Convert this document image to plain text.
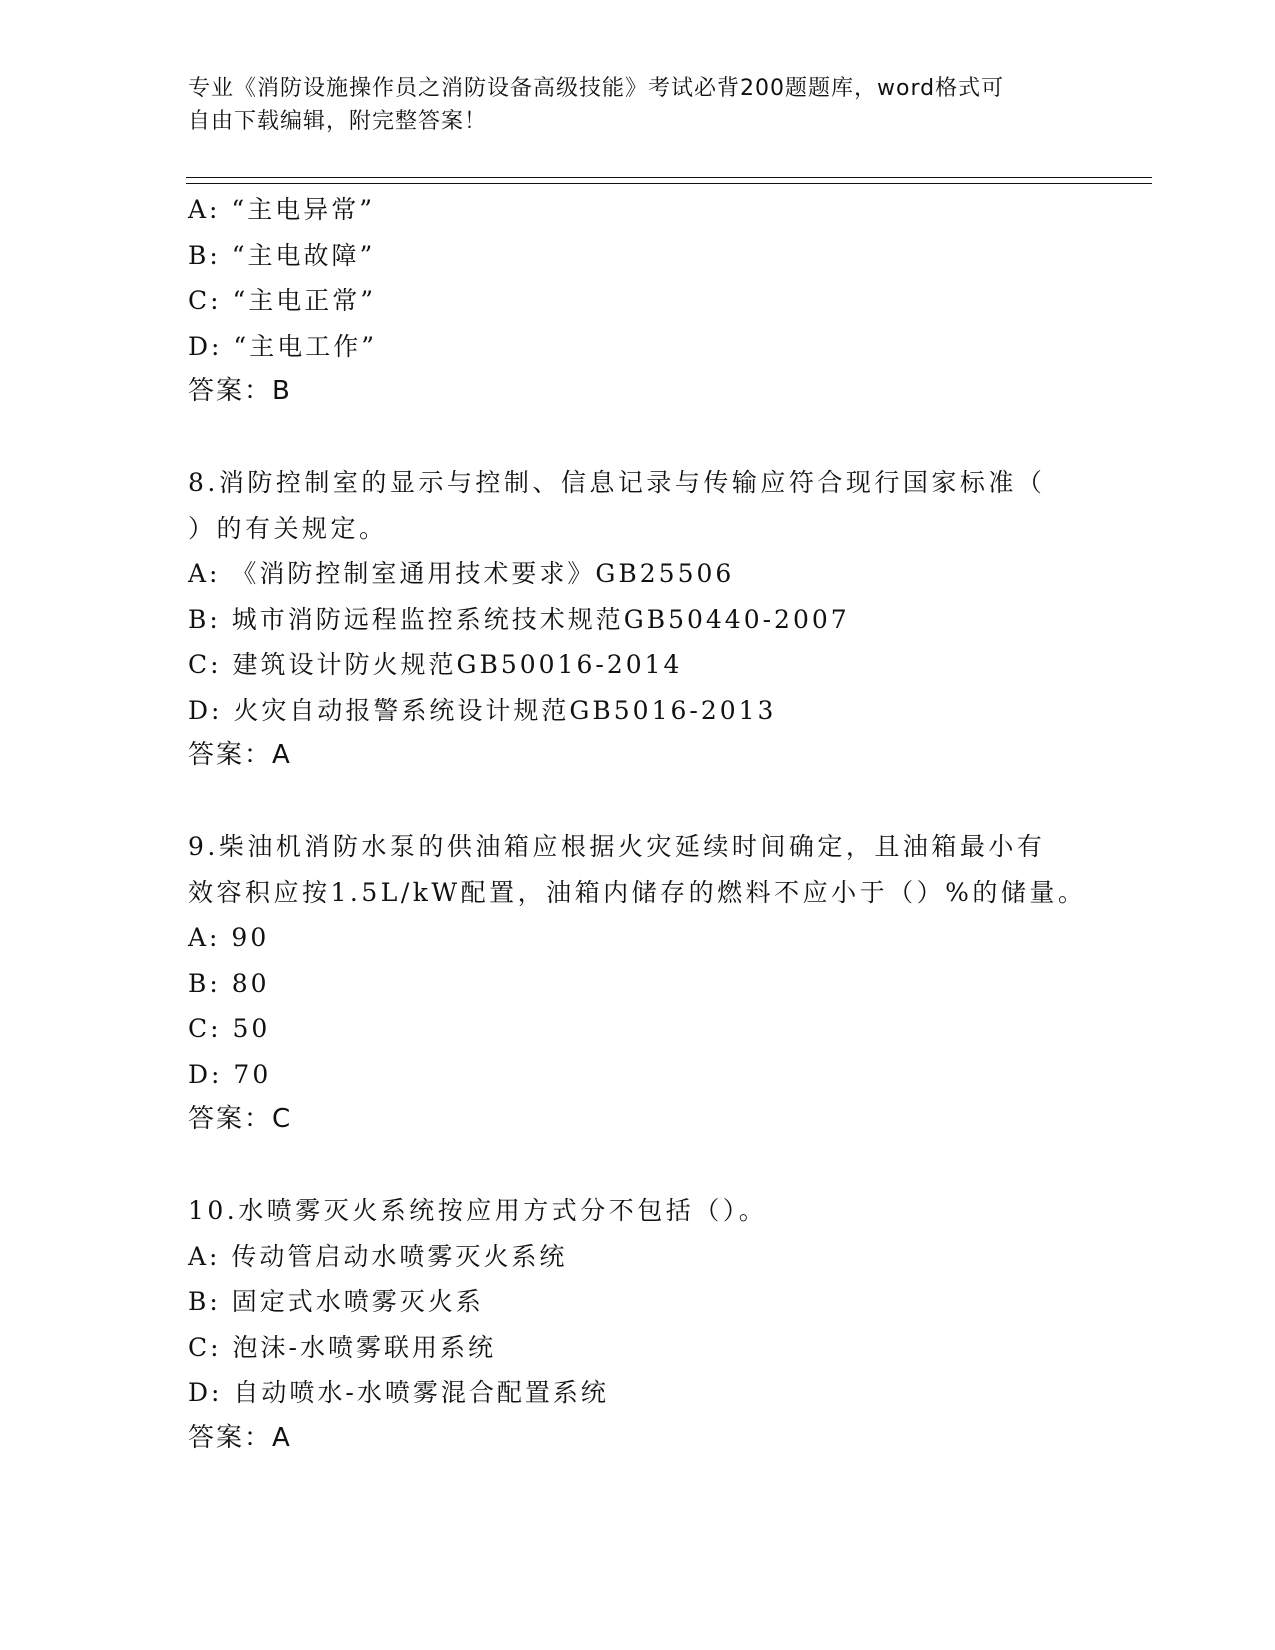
专业《消防设施操作员之消防设备高级技能》考试必背200题题库，word格式可
自由下载编辑，附完整答案！
A: “主电异常”
B: “主电故障”
C: “主电正常”
D: “主电工作”
答案：B
8.消防控制室的显示与控制、信息记录与传输应符合现行国家标准（
）的有关规定。
A: 《消防控制室通用技术要求》GB25506
B: 城市消防远程监控系统技术规范GB50440-2007
C: 建筑设计防火规范GB50016-2014
D: 火灾自动报警系统设计规范GB5016-2013
答案：A
9.柴油机消防水泵的供油箱应根据火灾延续时间确定，且油箱最小有
效容积应按1.5L/kW配置，油箱内储存的燃料不应小于（）%的储量。
A: 90
B: 80
C: 50
D: 70
答案：C
10.水喷雾灭火系统按应用方式分不包括（）。
A: 传动管启动水喷雾灭火系统
B: 固定式水喷雾灭火系
C: 泡沫-水喷雾联用系统
D: 自动喷水-水喷雾混合配置系统
答案：A
